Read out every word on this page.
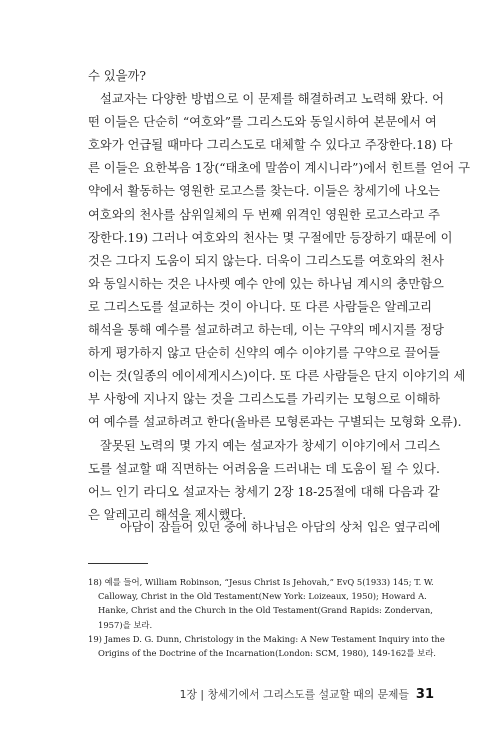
수 있을까?
설교자는 다양한 방법으로 이 문제를 해결하려고 노력해 왔다. 어
떤 이들은 단순히 “여호와”를 그리스도와 동일시하여 본문에서 여
호와가 언급될 때마다 그리스도로 대체할 수 있다고 주장한다.18) 다
른 이들은 요한복음 1장(“태초에 말씀이 계시니라”)에서 힌트를 얻어 구
약에서 활동하는 영원한 로고스를 찾는다. 이들은 창세기에 나오는
여호와의 천사를 삼위일체의 두 번째 위격인 영원한 로고스라고 주
장한다.19) 그러나 여호와의 천사는 몇 구절에만 등장하기 때문에 이
것은 그다지 도움이 되지 않는다. 더욱이 그리스도를 여호와의 천사
와 동일시하는 것은 나사렛 예수 안에 있는 하나님 계시의 충만함으
로 그리스도를 설교하는 것이 아니다. 또 다른 사람들은 알레고리
해석을 통해 예수를 설교하려고 하는데, 이는 구약의 메시지를 정당
하게 평가하지 않고 단순히 신약의 예수 이야기를 구약으로 끌어들
이는 것(일종의 에이세게시스)이다. 또 다른 사람들은 단지 이야기의 세
부 사항에 지나지 않는 것을 그리스도를 가리키는 모형으로 이해하
여 예수를 설교하려고 한다(올바른 모형론과는 구별되는 모형화 오류).
잘못된 노력의 몇 가지 예는 설교자가 창세기 이야기에서 그리스
도를 설교할 때 직면하는 어려움을 드러내는 데 도움이 될 수 있다.
어느 인기 라디오 설교자는 창세기 2장 18-25절에 대해 다음과 같
은 알레고리 해석을 제시했다.
아담이 잠들어 있던 중에 하나님은 아담의 상처 입은 옆구리에
18) 예를 들어, William Robinson, “Jesus Christ Is Jehovah,” EvQ 5(1933) 145; T. W.
Calloway, Christ in the Old Testament(New York: Loizeaux, 1950); Howard A.
Hanke, Christ and the Church in the Old Testament(Grand Rapids: Zondervan,
1957)을 보라.
19) James D. G. Dunn, Christology in the Making: A New Testament Inquiry into the
Origins of the Doctrine of the Incarnation(London: SCM, 1980), 149-162를 보라.
1장 | 창세기에서 그리스도를 설교할 때의 문제들 31
